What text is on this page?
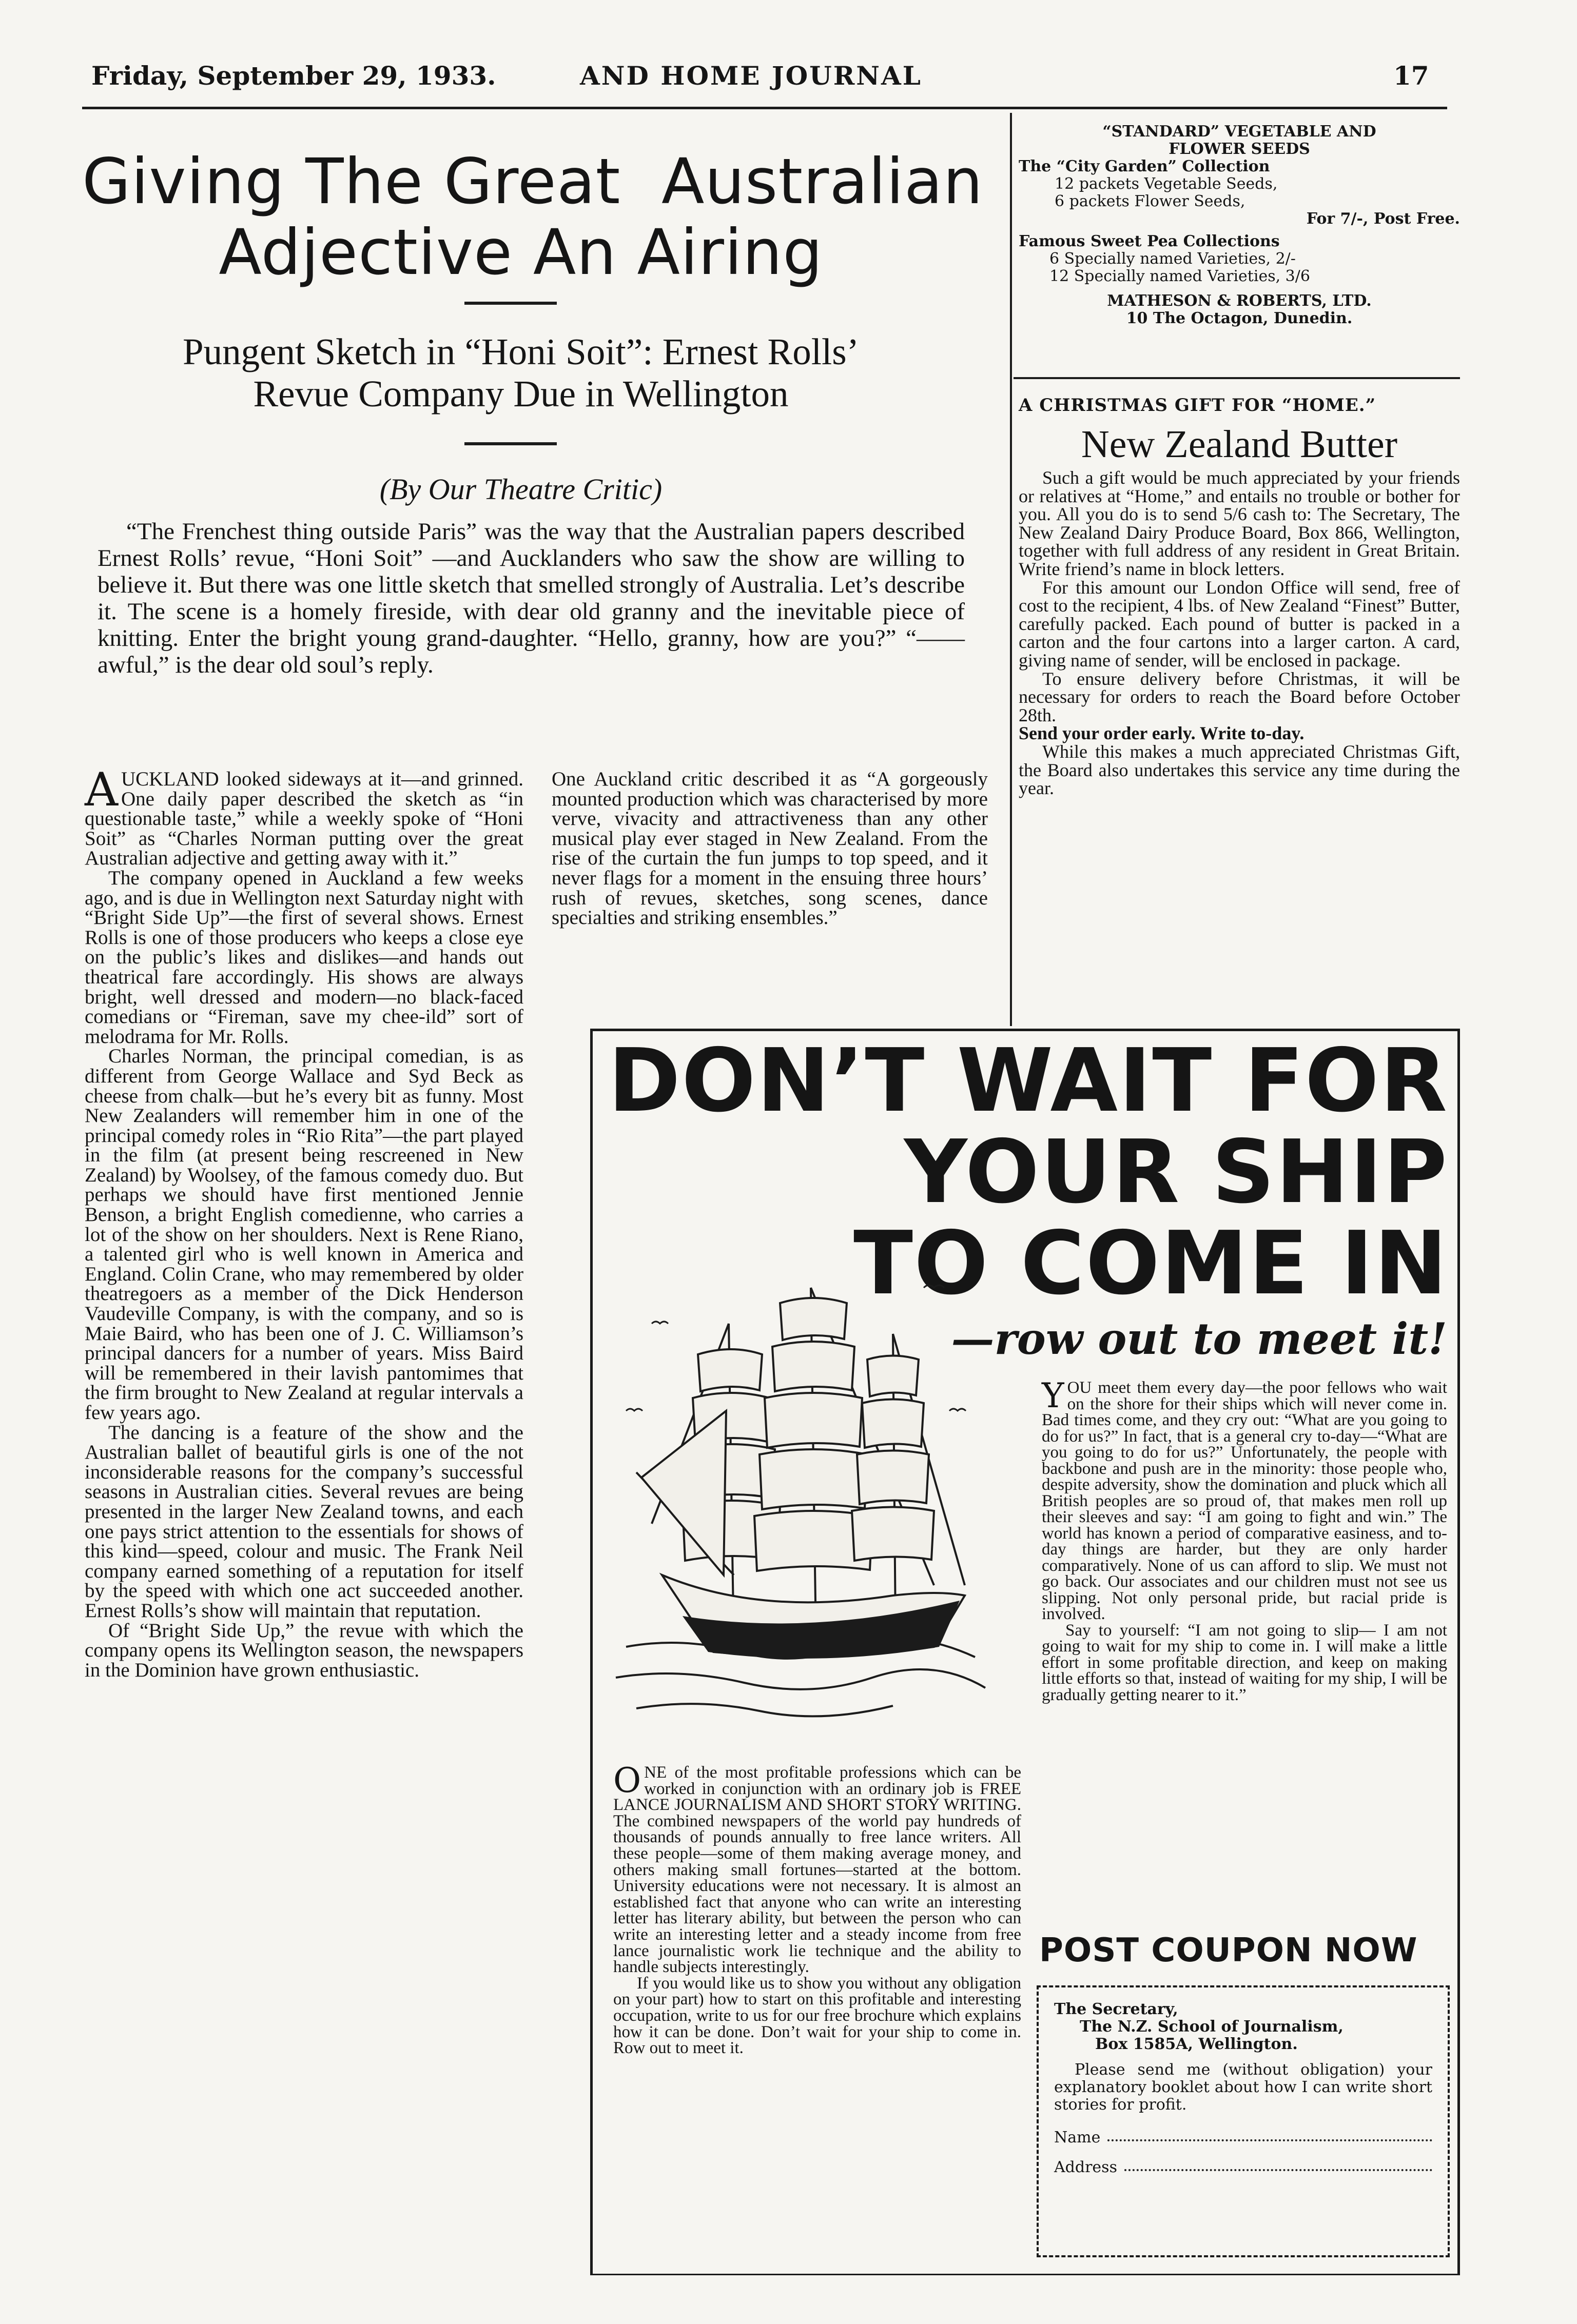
Friday, September 29, 1933.	AND HOME JOURNAL	17
Giving The Great  Australian
Adjective An Airing
Pungent Sketch in “Honi Soit”: Ernest Rolls’
Revue Company Due in Wellington
(By Our Theatre Critic)
“The Frenchest thing outside Paris” was the way that the Australian papers described Ernest Rolls’ revue, “Honi Soit” —and Aucklanders who saw the show are willing to believe it. But there was one little sketch that smelled strongly of Australia. Let’s describe it. The scene is a homely fireside, with dear old granny and the inevitable piece of knitting. Enter the bright young grand-daughter. “Hello, granny, how are you?” “—— awful,” is the dear old soul’s reply.

AUCKLAND looked sideways at it—and grinned. One daily paper described the sketch as “in questionable taste,” while a weekly spoke of “Honi Soit” as “Charles Norman putting over the great Australian adjective and getting away with it.”

The company opened in Auckland a few weeks ago, and is due in Wellington next Saturday night with “Bright Side Up”—the first of several shows. Ernest Rolls is one of those producers who keeps a close eye on the public’s likes and dislikes—and hands out theatrical fare accordingly. His shows are always bright, well dressed and modern—no black-faced comedians or “Fireman, save my chee-ild” sort of melodrama for Mr. Rolls.

Charles Norman, the principal comedian, is as different from George Wallace and Syd Beck as cheese from chalk—but he’s every bit as funny. Most New Zealanders will remember him in one of the principal comedy roles in “Rio Rita”—the part played in the film (at present being rescreened in New Zealand) by Woolsey, of the famous comedy duo. But perhaps we should have first mentioned Jennie Benson, a bright English comedienne, who carries a lot of the show on her shoulders. Next is Rene Riano, a talented girl who is well known in America and England. Colin Crane, who may remembered by older theatregoers as a member of the Dick Henderson Vaudeville Company, is with the company, and so is Maie Baird, who has been one of J. C. Williamson’s principal dancers for a number of years. Miss Baird will be remembered in their lavish pantomimes that the firm brought to New Zealand at regular intervals a few years ago.

The dancing is a feature of the show and the Australian ballet of beautiful girls is one of the not inconsiderable reasons for the company’s successful seasons in Australian cities. Several revues are being presented in the larger New Zealand towns, and each one pays strict attention to the essentials for shows of this kind—speed, colour and music. The Frank Neil company earned something of a reputation for itself by the speed with which one act succeeded another. Ernest Rolls’s show will maintain that reputation.

Of “Bright Side Up,” the revue with which the company opens its Wellington season, the newspapers in the Dominion have grown enthusiastic.

One Auckland critic described it as “A gorgeously mounted production which was characterised by more verve, vivacity and attractiveness than any other musical play ever staged in New Zealand. From the rise of the curtain the fun jumps to top speed, and it never flags for a moment in the ensuing three hours’ rush of revues, sketches, song scenes, dance specialties and striking ensembles.”

“STANDARD” VEGETABLE AND
FLOWER SEEDS
The “City Garden” Collection
12 packets Vegetable Seeds,
6 packets Flower Seeds,
For 7/-, Post Free.
Famous Sweet Pea Collections
6 Specially named Varieties, 2/-
12 Specially named Varieties, 3/6
MATHESON & ROBERTS, LTD.
10 The Octagon, Dunedin.
A CHRISTMAS GIFT FOR “HOME.”
New Zealand Butter

Such a gift would be much appreciated by your friends or relatives at “Home,” and entails no trouble or bother for you. All you do is to send 5/6 cash to: The Secretary, The New Zealand Dairy Produce Board, Box 866, Wellington, together with full address of any resident in Great Britain. Write friend’s name in block letters.

For this amount our London Office will send, free of cost to the recipient, 4 lbs. of New Zealand “Finest” Butter, carefully packed. Each pound of butter is packed in a carton and the four cartons into a larger carton. A card, giving name of sender, will be enclosed in package.

To ensure delivery before Christmas, it will be necessary for orders to reach the Board before October 28th.

Send your order early. Write to-day.

While this makes a much appreciated Christmas Gift, the Board also undertakes this service any time during the year.

DON’T WAIT FOR
YOUR SHIP
TO COME IN
—row out to meet it!

YOU meet them every day—the poor fellows who wait on the shore for their ships which will never come in. Bad times come, and they cry out: “What are you going to do for us?” In fact, that is a general cry to-day—“What are you going to do for us?” Unfortunately, the people with backbone and push are in the minority: those people who, despite adversity, show the domination and pluck which all British peoples are so proud of, that makes men roll up their sleeves and say: “I am going to fight and win.” The world has known a period of comparative easiness, and to-day things are harder, but they are only harder comparatively. None of us can afford to slip. We must not go back. Our associates and our children must not see us slipping. Not only personal pride, but racial pride is involved.

Say to yourself: “I am not going to slip— I am not going to wait for my ship to come in. I will make a little effort in some profitable direction, and keep on making little efforts so that, instead of waiting for my ship, I will be gradually getting nearer to it.”

ONE of the most profitable professions which can be worked in conjunction with an ordinary job is FREE LANCE JOURNALISM AND SHORT STORY WRITING. The combined newspapers of the world pay hundreds of thousands of pounds annually to free lance writers. All these people—some of them making average money, and others making small fortunes—started at the bottom. University educations were not necessary. It is almost an established fact that anyone who can write an interesting letter has literary ability, but between the person who can write an interesting letter and a steady income from free lance journalistic work lie technique and the ability to handle subjects interestingly.

If you would like us to show you without any obligation on your part) how to start on this profitable and interesting occupation, write to us for our free brochure which explains how it can be done. Don’t wait for your ship to come in. Row out to meet it.

POST COUPON NOW
The Secretary,
The N.Z. School of Journalism,
Box 1585A, Wellington.
Please send me (without obligation) your explanatory booklet about how I can write short stories for profit.
Name
Address
